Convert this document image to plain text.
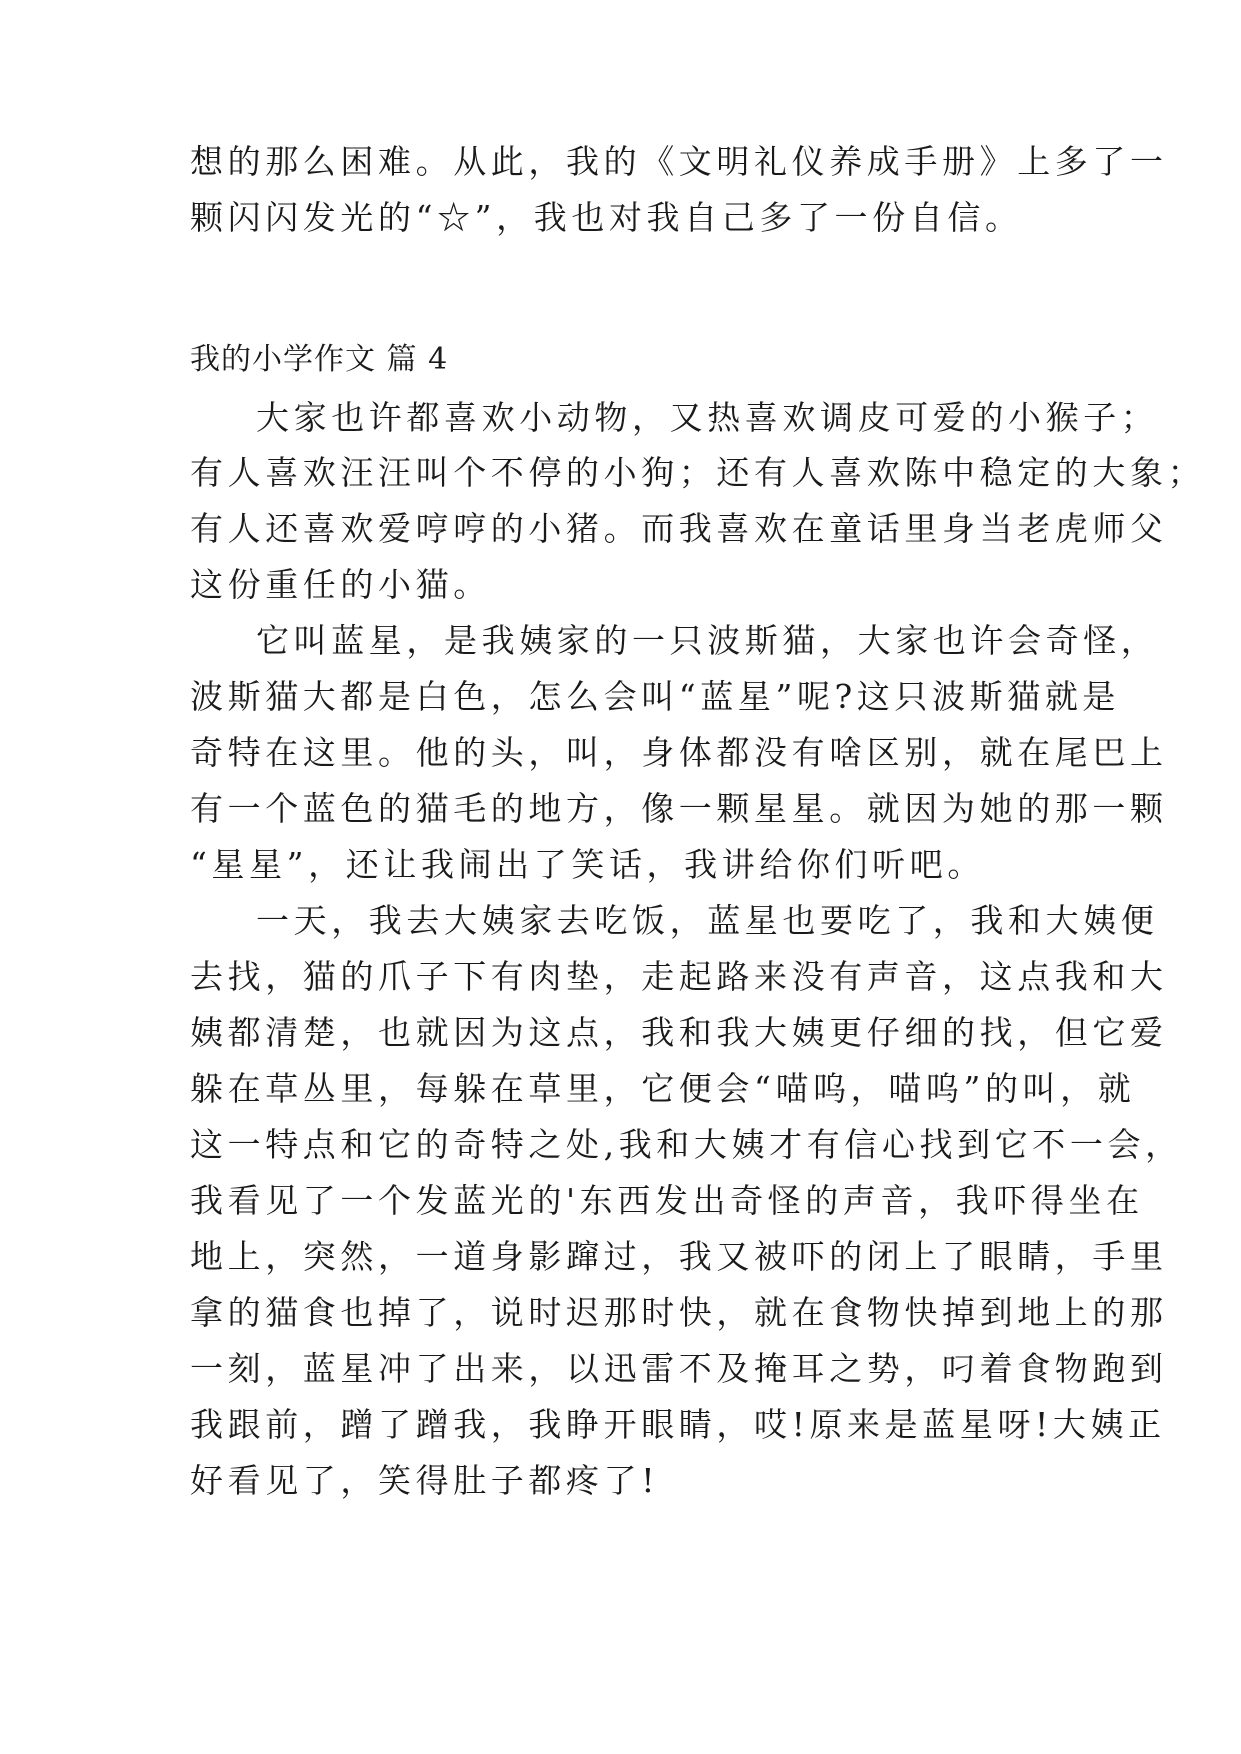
想的那么困难。从此，我的《文明礼仪养成手册》上多了一
颗闪闪发光的“☆”，我也对我自己多了一份自信。
我的小学作文 篇 4
大家也许都喜欢小动物，又热喜欢调皮可爱的小猴子；
有人喜欢汪汪叫个不停的小狗；还有人喜欢陈中稳定的大象；
有人还喜欢爱哼哼的小猪。而我喜欢在童话里身当老虎师父
这份重任的小猫。
它叫蓝星，是我姨家的一只波斯猫，大家也许会奇怪，
波斯猫大都是白色，怎么会叫“蓝星”呢?这只波斯猫就是
奇特在这里。他的头，叫，身体都没有啥区别，就在尾巴上
有一个蓝色的猫毛的地方，像一颗星星。就因为她的那一颗
“星星”，还让我闹出了笑话，我讲给你们听吧。
一天，我去大姨家去吃饭，蓝星也要吃了，我和大姨便
去找，猫的爪子下有肉垫，走起路来没有声音，这点我和大
姨都清楚，也就因为这点，我和我大姨更仔细的找，但它爱
躲在草丛里，每躲在草里，它便会“喵呜，喵呜”的叫，就
这一特点和它的奇特之处,我和大姨才有信心找到它不一会，
我看见了一个发蓝光的'东西发出奇怪的声音，我吓得坐在
地上，突然，一道身影蹿过，我又被吓的闭上了眼睛，手里
拿的猫食也掉了，说时迟那时快，就在食物快掉到地上的那
一刻，蓝星冲了出来，以迅雷不及掩耳之势，叼着食物跑到
我跟前，蹭了蹭我，我睁开眼睛，哎!原来是蓝星呀!大姨正
好看见了，笑得肚子都疼了!
